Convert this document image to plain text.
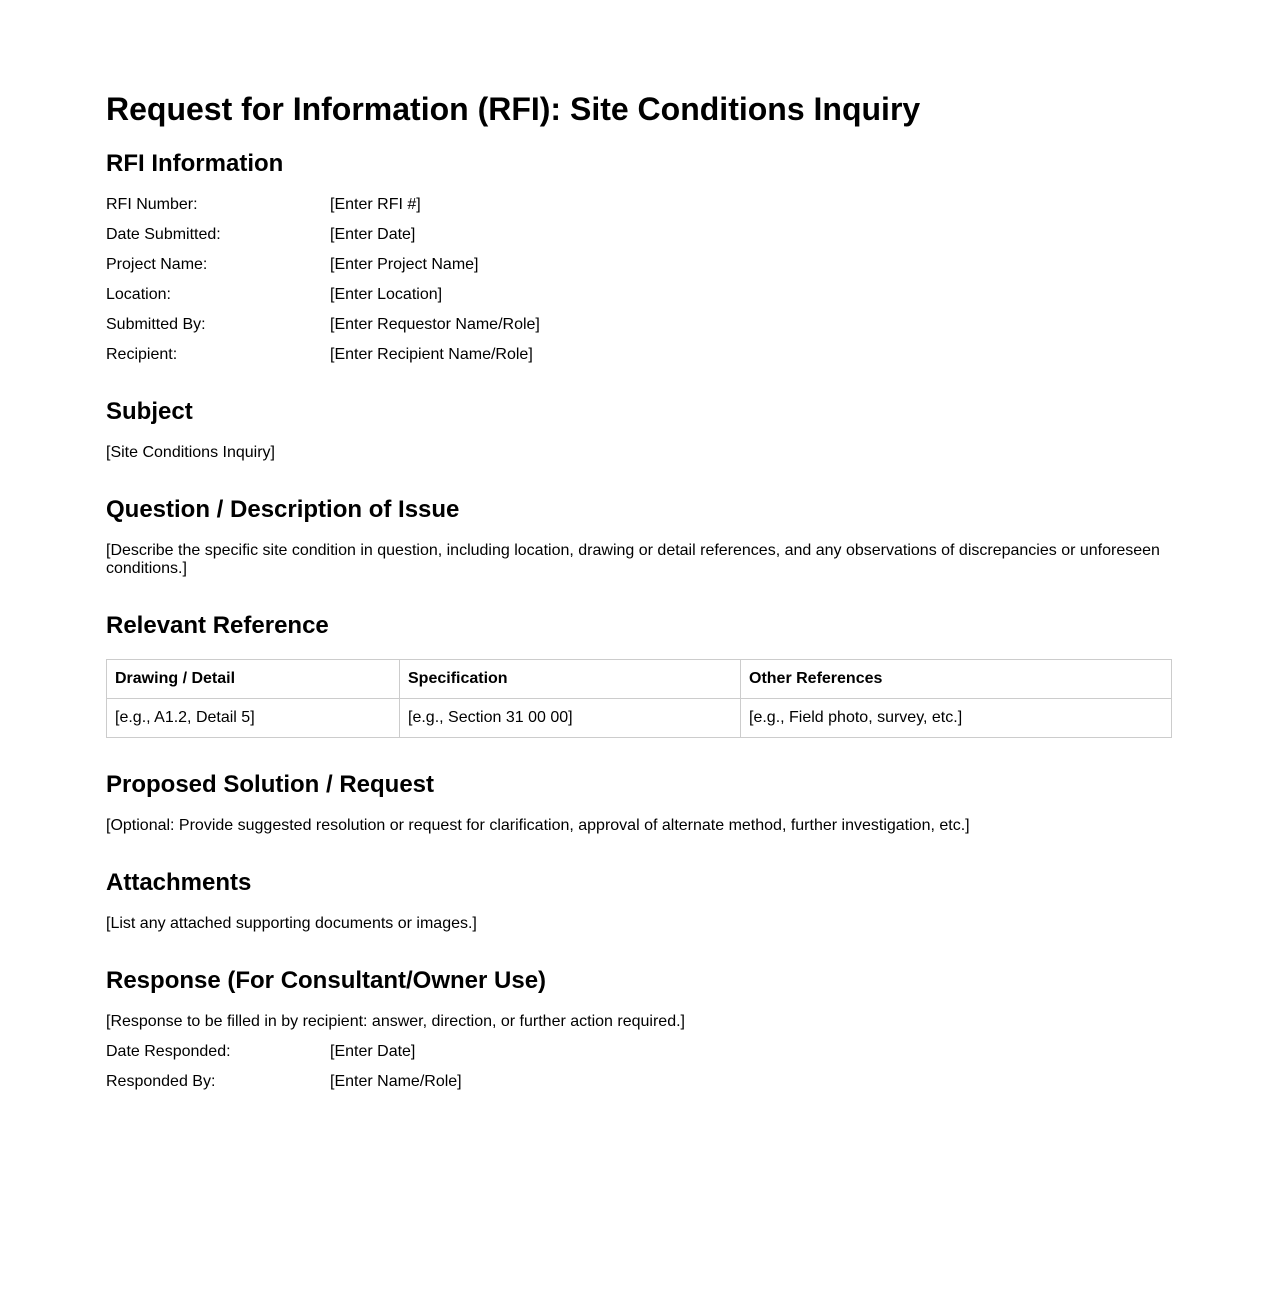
Request for Information (RFI): Site Conditions Inquiry
RFI Information
RFI Number:	[Enter RFI #]
Date Submitted:	[Enter Date]
Project Name:	[Enter Project Name]
Location:	[Enter Location]
Submitted By:	[Enter Requestor Name/Role]
Recipient:	[Enter Recipient Name/Role]
Subject
[Site Conditions Inquiry]
Question / Description of Issue
[Describe the specific site condition in question, including location, drawing or detail references, and any observations of discrepancies or unforeseen conditions.]
Relevant Reference
Drawing / Detail	Specification	Other References
[e.g., A1.2, Detail 5]	[e.g., Section 31 00 00]	[e.g., Field photo, survey, etc.]
Proposed Solution / Request
[Optional: Provide suggested resolution or request for clarification, approval of alternate method, further investigation, etc.]
Attachments
[List any attached supporting documents or images.]
Response (For Consultant/Owner Use)
[Response to be filled in by recipient: answer, direction, or further action required.]
Date Responded:	[Enter Date]
Responded By:	[Enter Name/Role]
